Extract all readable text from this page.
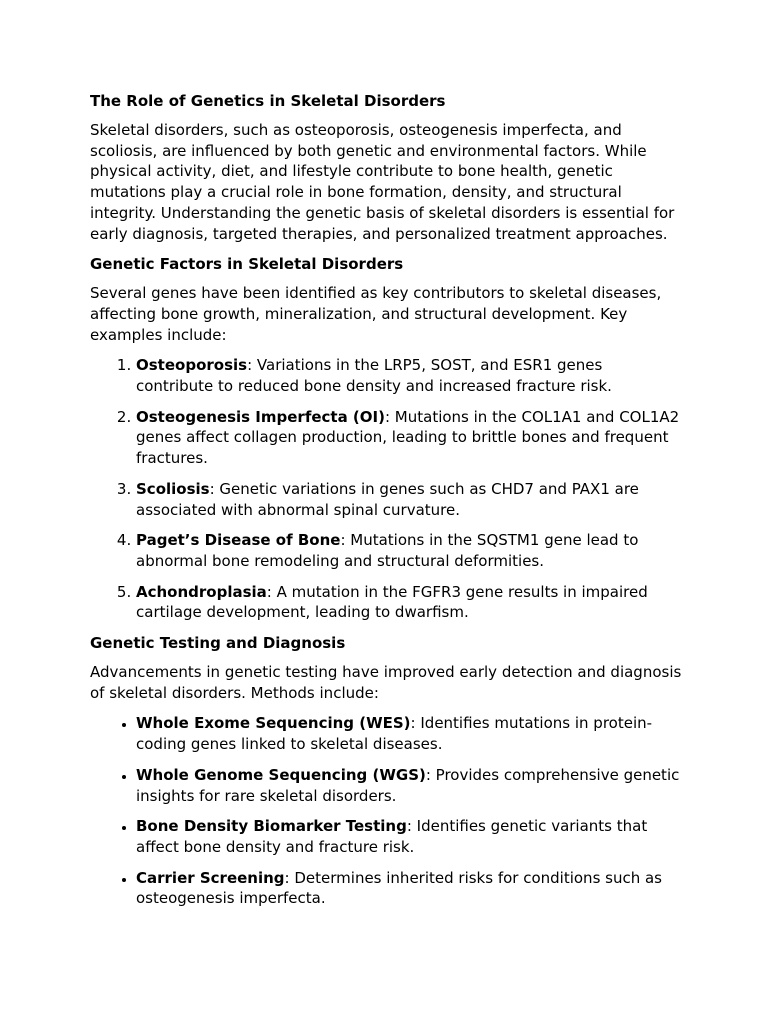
The Role of Genetics in Skeletal Disorders

Skeletal disorders, such as osteoporosis, osteogenesis imperfecta, and scoliosis, are influenced by both genetic and environmental factors. While physical activity, diet, and lifestyle contribute to bone health, genetic mutations play a crucial role in bone formation, density, and structural integrity. Understanding the genetic basis of skeletal disorders is essential for early diagnosis, targeted therapies, and personalized treatment approaches.

Genetic Factors in Skeletal Disorders

Several genes have been identified as key contributors to skeletal diseases, affecting bone growth, mineralization, and structural development. Key examples include:

1. Osteoporosis: Variations in the LRP5, SOST, and ESR1 genes contribute to reduced bone density and increased fracture risk.
2. Osteogenesis Imperfecta (OI): Mutations in the COL1A1 and COL1A2 genes affect collagen production, leading to brittle bones and frequent fractures.
3. Scoliosis: Genetic variations in genes such as CHD7 and PAX1 are associated with abnormal spinal curvature.
4. Paget’s Disease of Bone: Mutations in the SQSTM1 gene lead to abnormal bone remodeling and structural deformities.
5. Achondroplasia: A mutation in the FGFR3 gene results in impaired cartilage development, leading to dwarfism.
Genetic Testing and Diagnosis

Advancements in genetic testing have improved early detection and diagnosis of skeletal disorders. Methods include:

• Whole Exome Sequencing (WES): Identifies mutations in protein-coding genes linked to skeletal diseases.
• Whole Genome Sequencing (WGS): Provides comprehensive genetic insights for rare skeletal disorders.
• Bone Density Biomarker Testing: Identifies genetic variants that affect bone density and fracture risk.
• Carrier Screening: Determines inherited risks for conditions such as osteogenesis imperfecta.
